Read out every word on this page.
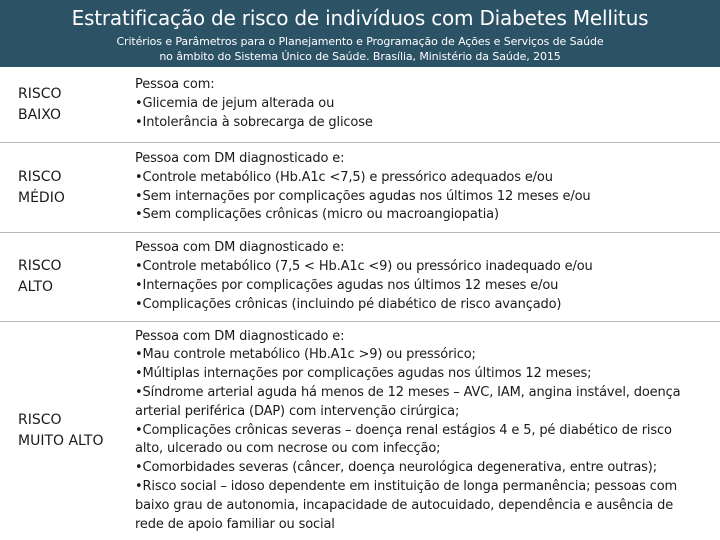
Estratificação de risco de indivíduos com Diabetes Mellitus
Critérios e Parâmetros para o Planejamento e Programação de Ações e Serviços de Saúde
no âmbito do Sistema Único de Saúde. Brasília, Ministério da Saúde, 2015
RISCO
BAIXO
Pessoa com:
•Glicemia de jejum alterada ou
•Intolerância à sobrecarga de glicose
RISCO
MÉDIO
Pessoa com DM diagnosticado e:
•Controle metabólico (Hb.A1c <7,5) e pressórico adequados e/ou
•Sem internações por complicações agudas nos últimos 12 meses e/ou
•Sem complicações crônicas (micro ou macroangiopatia)
RISCO
ALTO
Pessoa com DM diagnosticado e:
•Controle metabólico (7,5 < Hb.A1c <9) ou pressórico inadequado e/ou
•Internações por complicações agudas nos últimos 12 meses e/ou
•Complicações crônicas (incluindo pé diabético de risco avançado)
RISCO
MUITO ALTO
Pessoa com DM diagnosticado e:
•Mau controle metabólico (Hb.A1c >9) ou pressórico;
•Múltiplas internações por complicações agudas nos últimos 12 meses;
•Síndrome arterial aguda há menos de 12 meses – AVC, IAM, angina instável, doença
arterial periférica (DAP) com intervenção cirúrgica;
•Complicações crônicas severas – doença renal estágios 4 e 5, pé diabético de risco
alto, ulcerado ou com necrose ou com infecção;
•Comorbidades severas (câncer, doença neurológica degenerativa, entre outras);
•Risco social – idoso dependente em instituição de longa permanência; pessoas com
baixo grau de autonomia, incapacidade de autocuidado, dependência e ausência de
rede de apoio familiar ou social
